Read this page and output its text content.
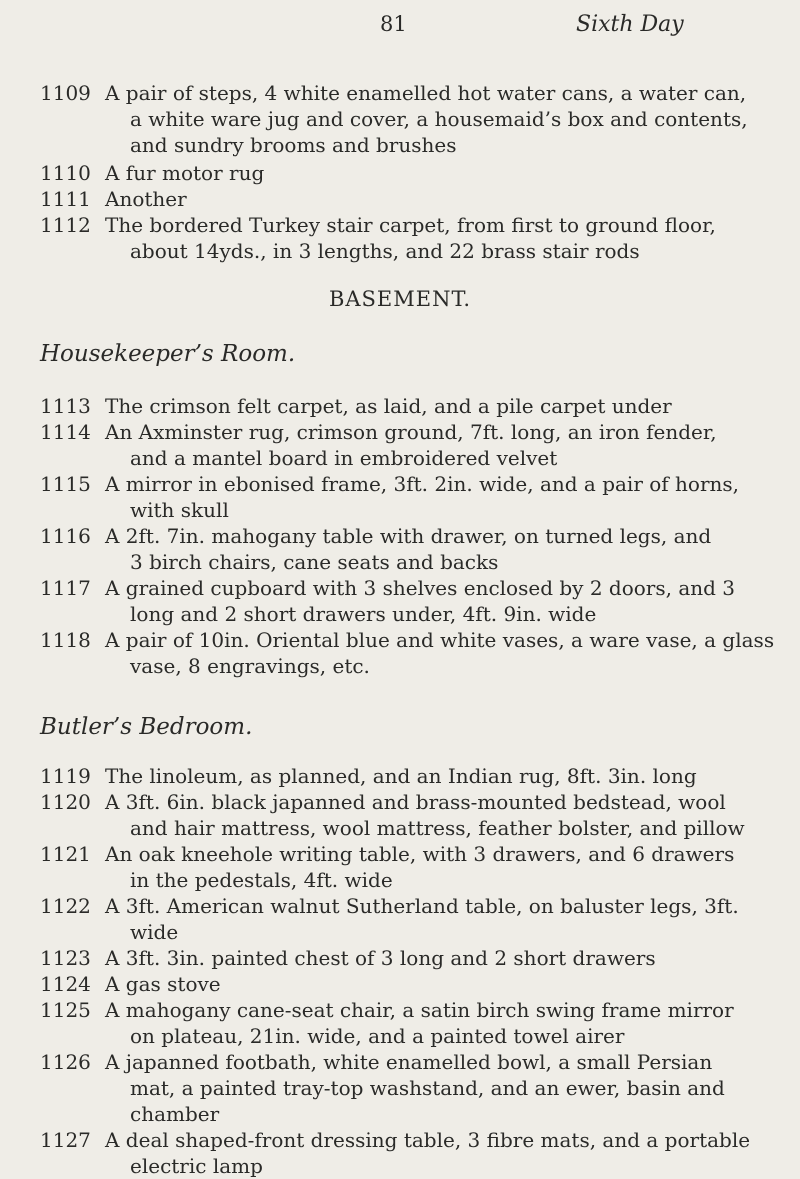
81	Sixth Day
1109 A pair of steps, 4 white enamelled hot water cans, a water can,
a white ware jug and cover, a housemaid’s box and contents,
and sundry brooms and brushes
1110 A fur motor rug
1111 Another
1112 The bordered Turkey stair carpet, from first to ground floor,
about 14yds., in 3 lengths, and 22 brass stair rods
BASEMENT.
Housekeeper’s Room.
1113 The crimson felt carpet, as laid, and a pile carpet under
1114 An Axminster rug, crimson ground, 7ft. long, an iron fender,
and a mantel board in embroidered velvet
1115 A mirror in ebonised frame, 3ft. 2in. wide, and a pair of horns,
with skull
1116 A 2ft. 7in. mahogany table with drawer, on turned legs, and
3 birch chairs, cane seats and backs
1117 A grained cupboard with 3 shelves enclosed by 2 doors, and 3
long and 2 short drawers under, 4ft. 9in. wide
1118 A pair of 10in. Oriental blue and white vases, a ware vase, a glass
vase, 8 engravings, etc.
Butler’s Bedroom.
1119 The linoleum, as planned, and an Indian rug, 8ft. 3in. long
1120 A 3ft. 6in. black japanned and brass-mounted bedstead, wool
and hair mattress, wool mattress, feather bolster, and pillow
1121 An oak kneehole writing table, with 3 drawers, and 6 drawers
in the pedestals, 4ft. wide
1122 A 3ft. American walnut Sutherland table, on baluster legs, 3ft.
wide
1123 A 3ft. 3in. painted chest of 3 long and 2 short drawers
1124 A gas stove
1125 A mahogany cane-seat chair, a satin birch swing frame mirror
on plateau, 21in. wide, and a painted towel airer
1126 A japanned footbath, white enamelled bowl, a small Persian
mat, a painted tray-top washstand, and an ewer, basin and
chamber
1127 A deal shaped-front dressing table, 3 fibre mats, and a portable
electric lamp
